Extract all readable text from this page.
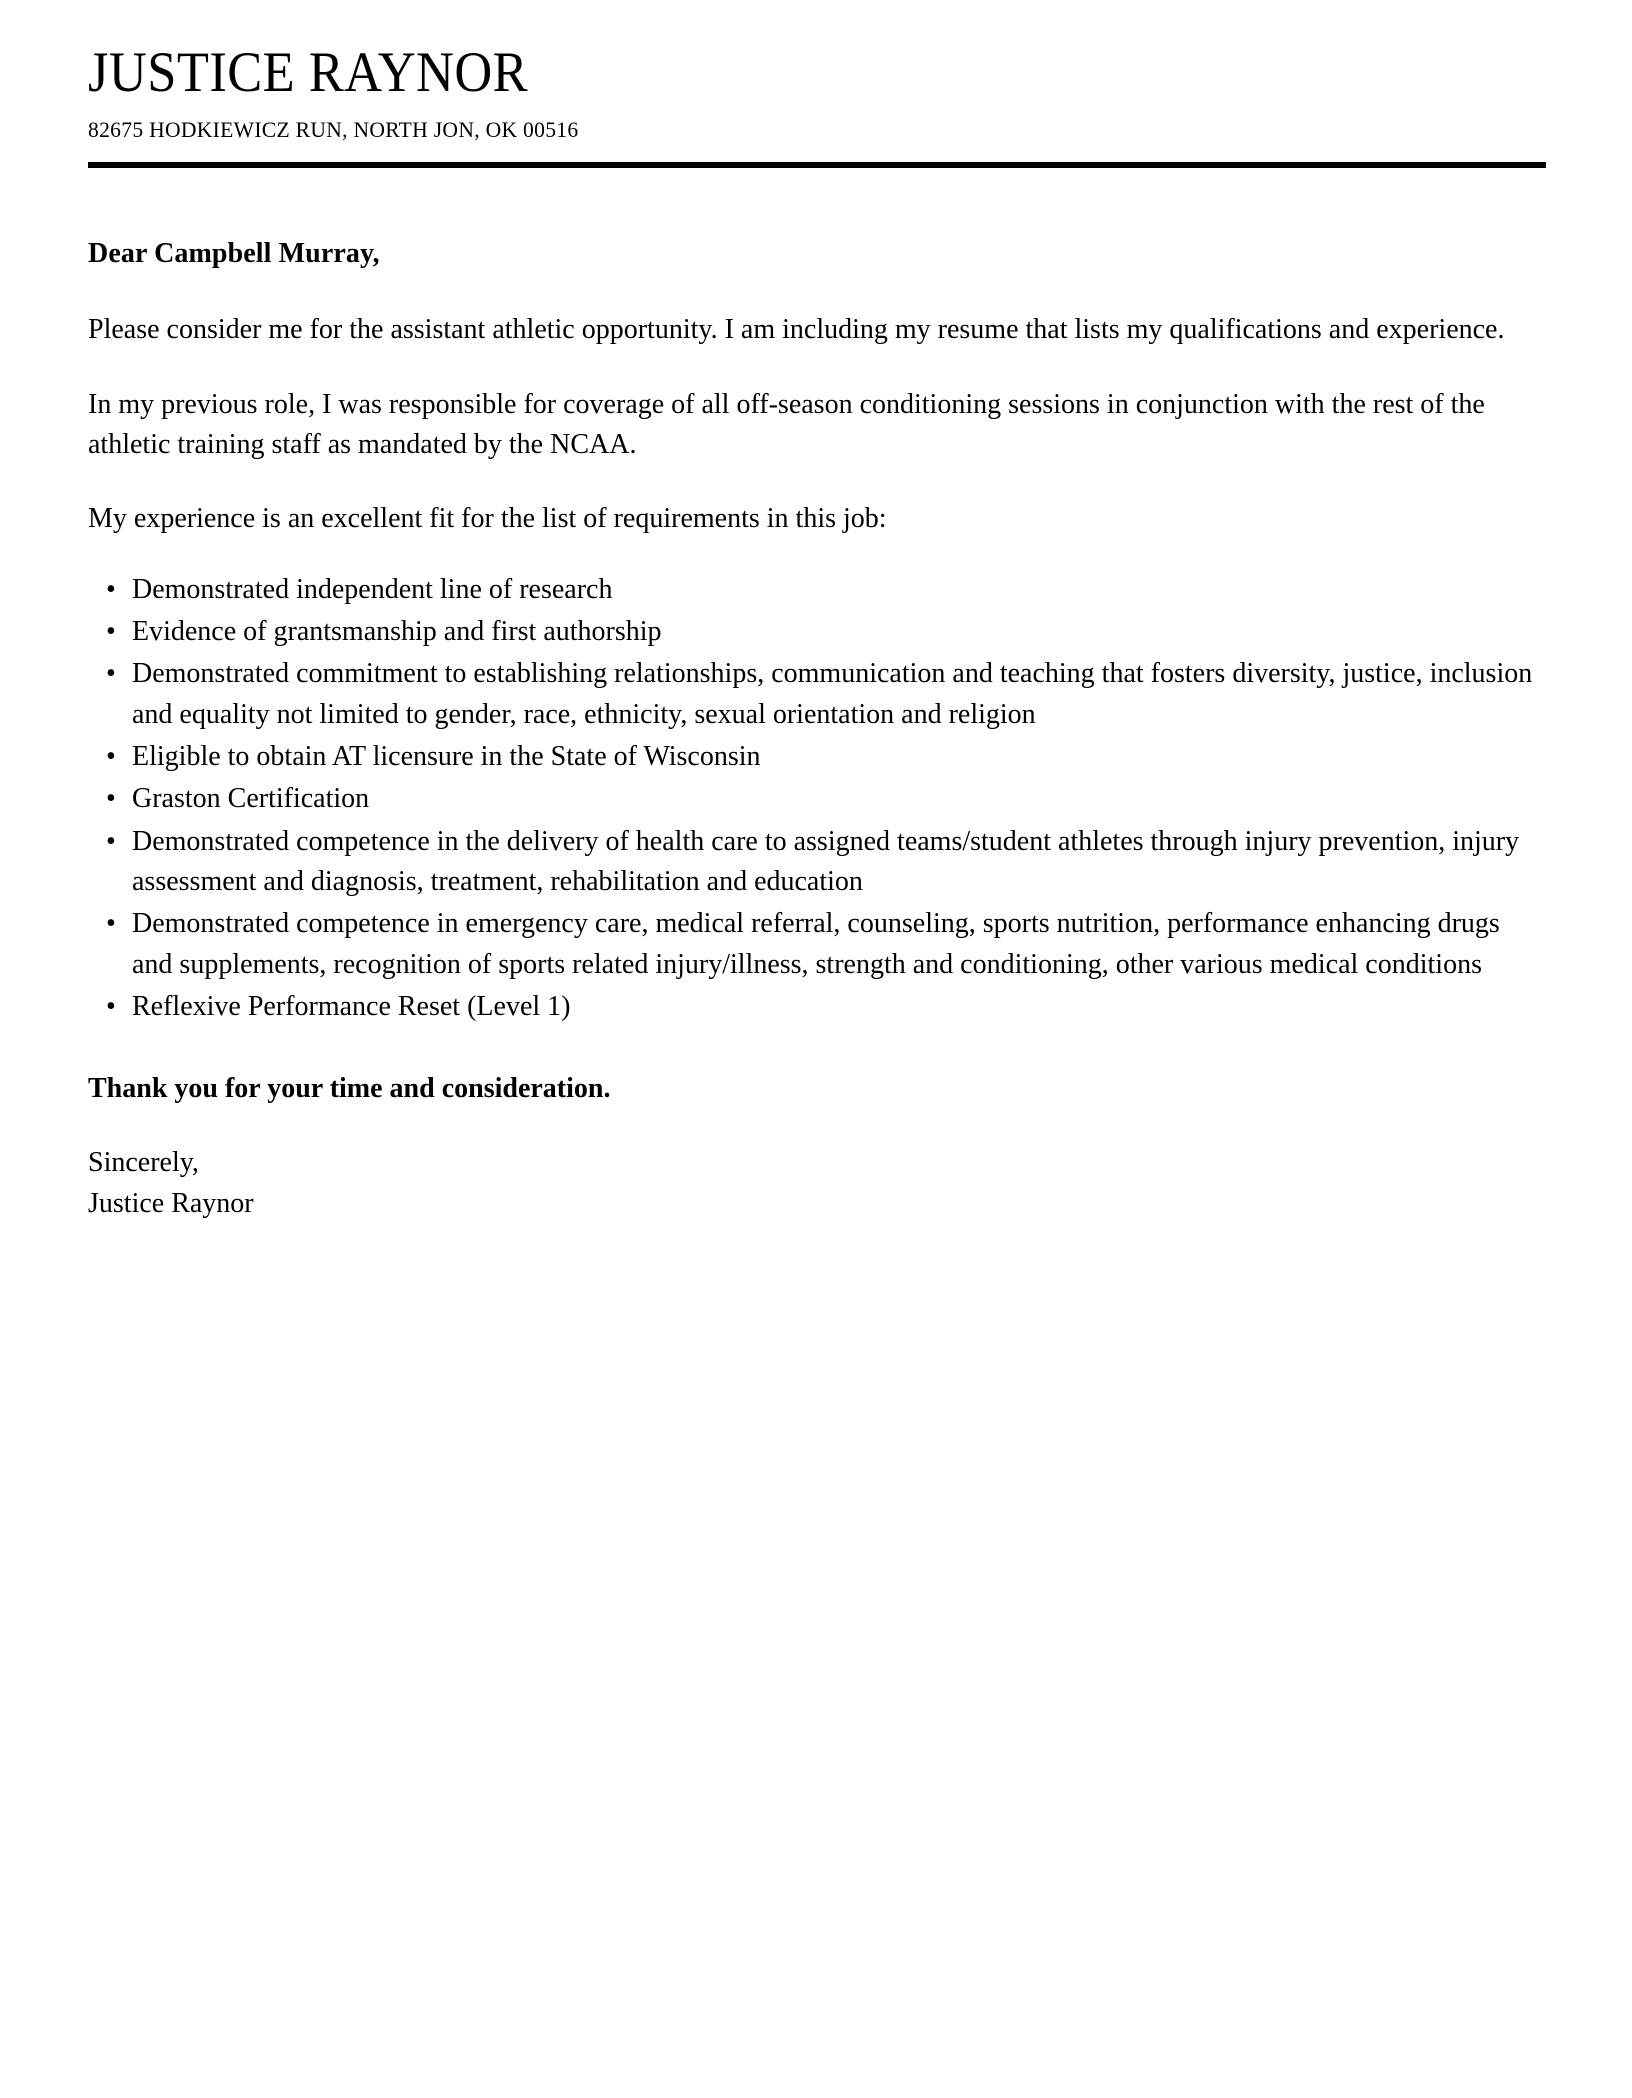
JUSTICE RAYNOR
82675 HODKIEWICZ RUN, NORTH JON, OK 00516

Dear Campbell Murray,

Please consider me for the assistant athletic opportunity. I am including my resume that lists my qualifications and experience.

In my previous role, I was responsible for coverage of all off-season conditioning sessions in conjunction with the rest of the athletic training staff as mandated by the NCAA.

My experience is an excellent fit for the list of requirements in this job:

• Demonstrated independent line of research
• Evidence of grantsmanship and first authorship
• Demonstrated commitment to establishing relationships, communication and teaching that fosters diversity, justice, inclusion and equality not limited to gender, race, ethnicity, sexual orientation and religion
• Eligible to obtain AT licensure in the State of Wisconsin
• Graston Certification
• Demonstrated competence in the delivery of health care to assigned teams/student athletes through injury prevention, injury assessment and diagnosis, treatment, rehabilitation and education
• Demonstrated competence in emergency care, medical referral, counseling, sports nutrition, performance enhancing drugs and supplements, recognition of sports related injury/illness, strength and conditioning, other various medical conditions
• Reflexive Performance Reset (Level 1)

Thank you for your time and consideration.

Sincerely,
Justice Raynor
